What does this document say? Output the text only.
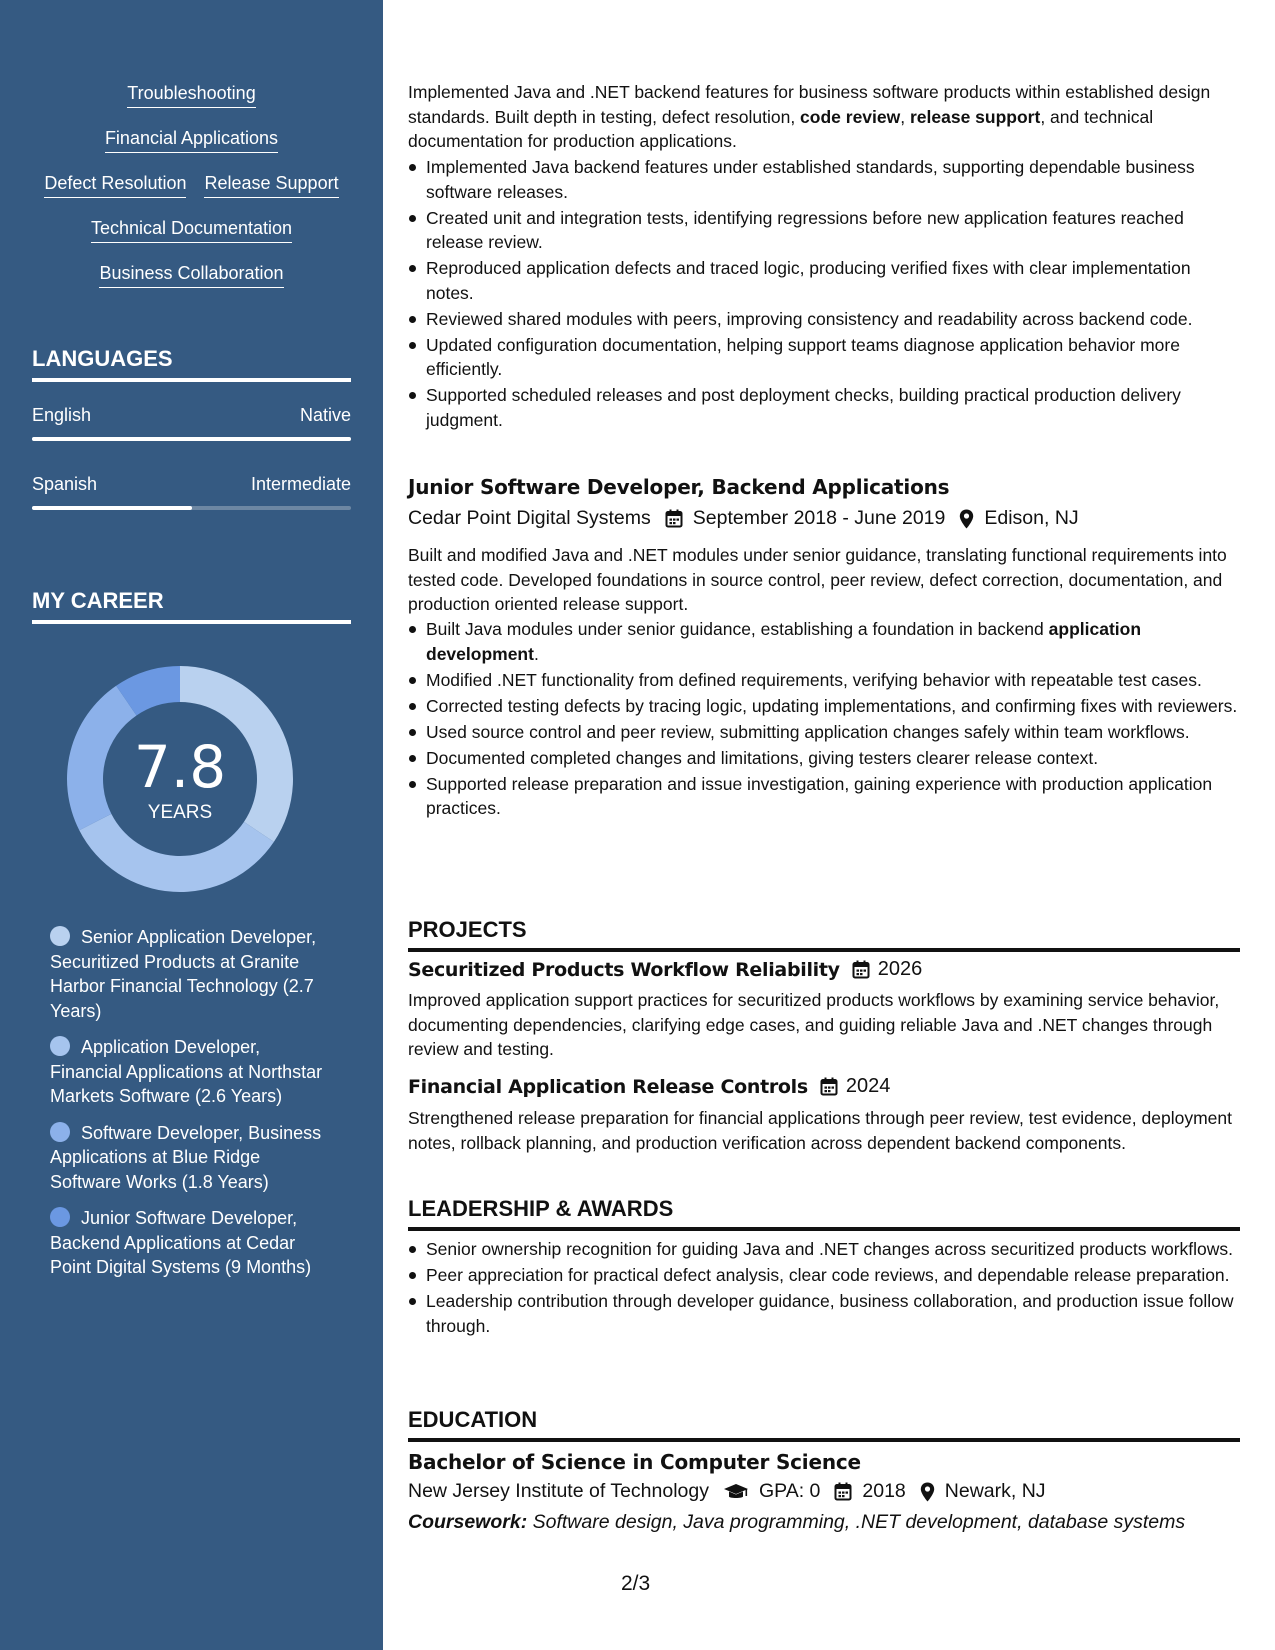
Troubleshooting
Financial Applications
Defect Resolution Release Support
Technical Documentation
Business Collaboration
LANGUAGES
English	Native
Spanish	Intermediate
MY CAREER
7.8
YEARS
Senior Application Developer, Securitized Products at Granite Harbor Financial Technology (2.7 Years)
Application Developer, Financial Applications at Northstar Markets Software (2.6 Years)
Software Developer, Business Applications at Blue Ridge Software Works (1.8 Years)
Junior Software Developer, Backend Applications at Cedar Point Digital Systems (9 Months)
Implemented Java and .NET backend features for business software products within established design standards. Built depth in testing, defect resolution, code review, release support, and technical documentation for production applications.
Implemented Java backend features under established standards, supporting dependable business software releases.
Created unit and integration tests, identifying regressions before new application features reached release review.
Reproduced application defects and traced logic, producing verified fixes with clear implementation notes.
Reviewed shared modules with peers, improving consistency and readability across backend code.
Updated configuration documentation, helping support teams diagnose application behavior more efficiently.
Supported scheduled releases and post deployment checks, building practical production delivery judgment.
Junior Software Developer, Backend Applications
Cedar Point Digital Systems September 2018 - June 2019 Edison, NJ
Built and modified Java and .NET modules under senior guidance, translating functional requirements into tested code. Developed foundations in source control, peer review, defect correction, documentation, and production oriented release support.
Built Java modules under senior guidance, establishing a foundation in backend application development.
Modified .NET functionality from defined requirements, verifying behavior with repeatable test cases.
Corrected testing defects by tracing logic, updating implementations, and confirming fixes with reviewers.
Used source control and peer review, submitting application changes safely within team workflows.
Documented completed changes and limitations, giving testers clearer release context.
Supported release preparation and issue investigation, gaining experience with production application practices.
PROJECTS
Securitized Products Workflow Reliability 2026
Improved application support practices for securitized products workflows by examining service behavior, documenting dependencies, clarifying edge cases, and guiding reliable Java and .NET changes through review and testing.
Financial Application Release Controls 2024
Strengthened release preparation for financial applications through peer review, test evidence, deployment notes, rollback planning, and production verification across dependent backend components.
LEADERSHIP & AWARDS
Senior ownership recognition for guiding Java and .NET changes across securitized products workflows.
Peer appreciation for practical defect analysis, clear code reviews, and dependable release preparation.
Leadership contribution through developer guidance, business collaboration, and production issue follow through.
EDUCATION
Bachelor of Science in Computer Science
New Jersey Institute of Technology	GPA: 0 2018 Newark, NJ
Coursework: Software design, Java programming, .NET development, database systems
2/3
